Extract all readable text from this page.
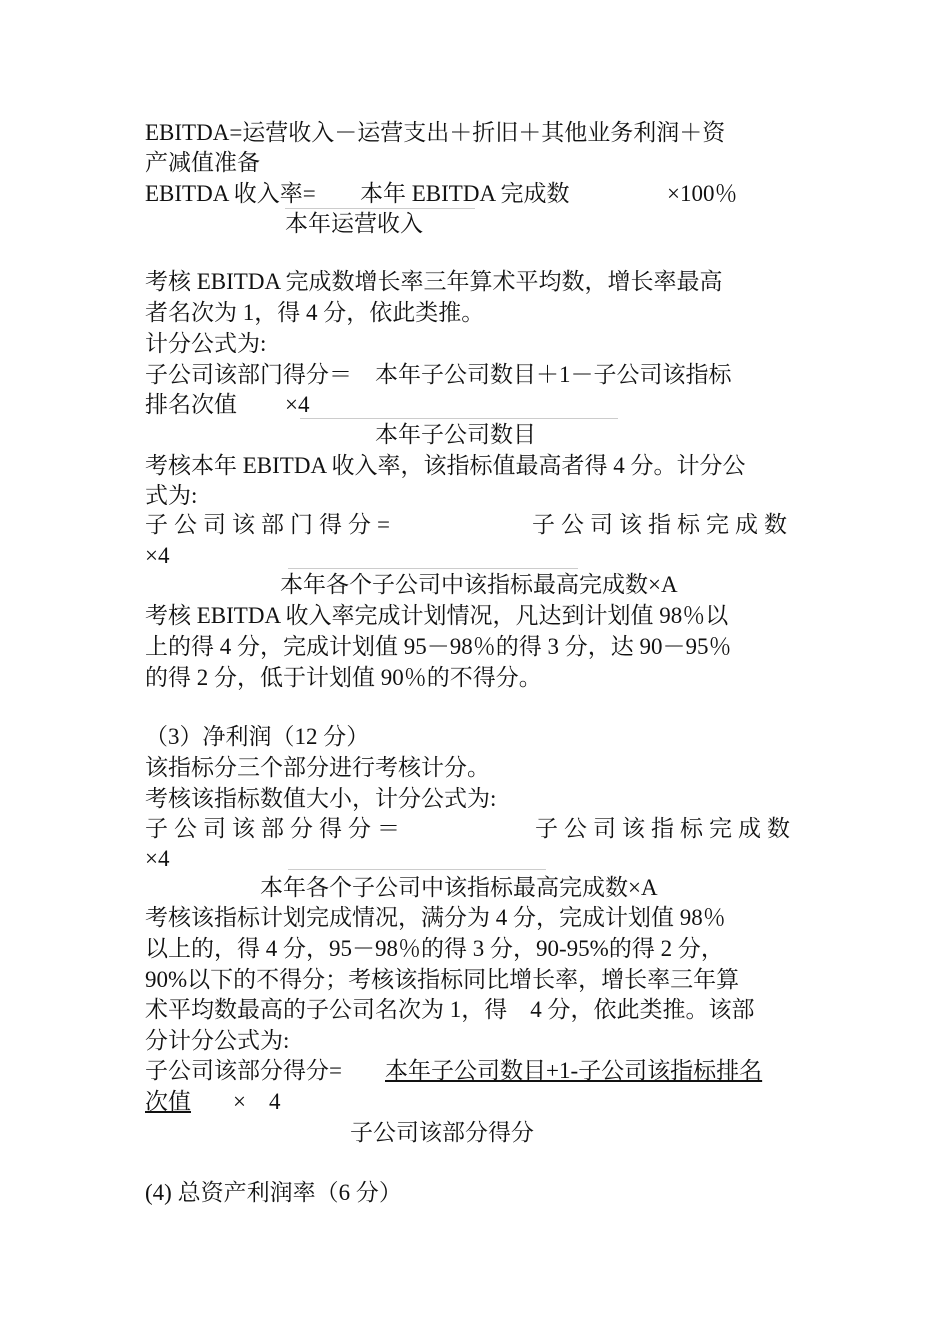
EBITDA=运营收入－运营支出＋折旧＋其他业务利润＋资
产减值准备
EBITDA 收入率= 本年 EBITDA 完成数	×100％
本年运营收入
考核 EBITDA 完成数增长率三年算术平均数，增长率最高
者名次为 1，得 4 分，依此类推。
计分公式为:
子公司该部门得分＝　本年子公司数目＋1－子公司该指标
排名次值 ×4
本年子公司数目
考核本年 EBITDA 收入率，该指标值最高者得 4 分。计分公
式为:
子公司该部门得分=	子公司该指标完成数
×4
本年各个子公司中该指标最高完成数×A
考核 EBITDA 收入率完成计划情况，凡达到计划值 98％以
上的得 4 分，完成计划值 95－98％的得 3 分，达 90－95％
的得 2 分，低于计划值 90％的不得分。
（3）净利润（12 分）
该指标分三个部分进行考核计分。
考核该指标数值大小，计分公式为:
子公司该部分得分＝	子公司该指标完成数
×4
本年各个子公司中该指标最高完成数×A
考核该指标计划完成情况，满分为 4 分，完成计划值 98％
以上的，得 4 分，95－98％的得 3 分，90-95%的得 2 分，
90%以下的不得分；考核该指标同比增长率，增长率三年算
术平均数最高的子公司名次为 1，得　4 分，依此类推。该部
分计分公式为:
子公司该部分得分= 本年子公司数目+1-子公司该指标排名
次值 ×　4
子公司该部分得分
(4) 总资产利润率（6 分）
